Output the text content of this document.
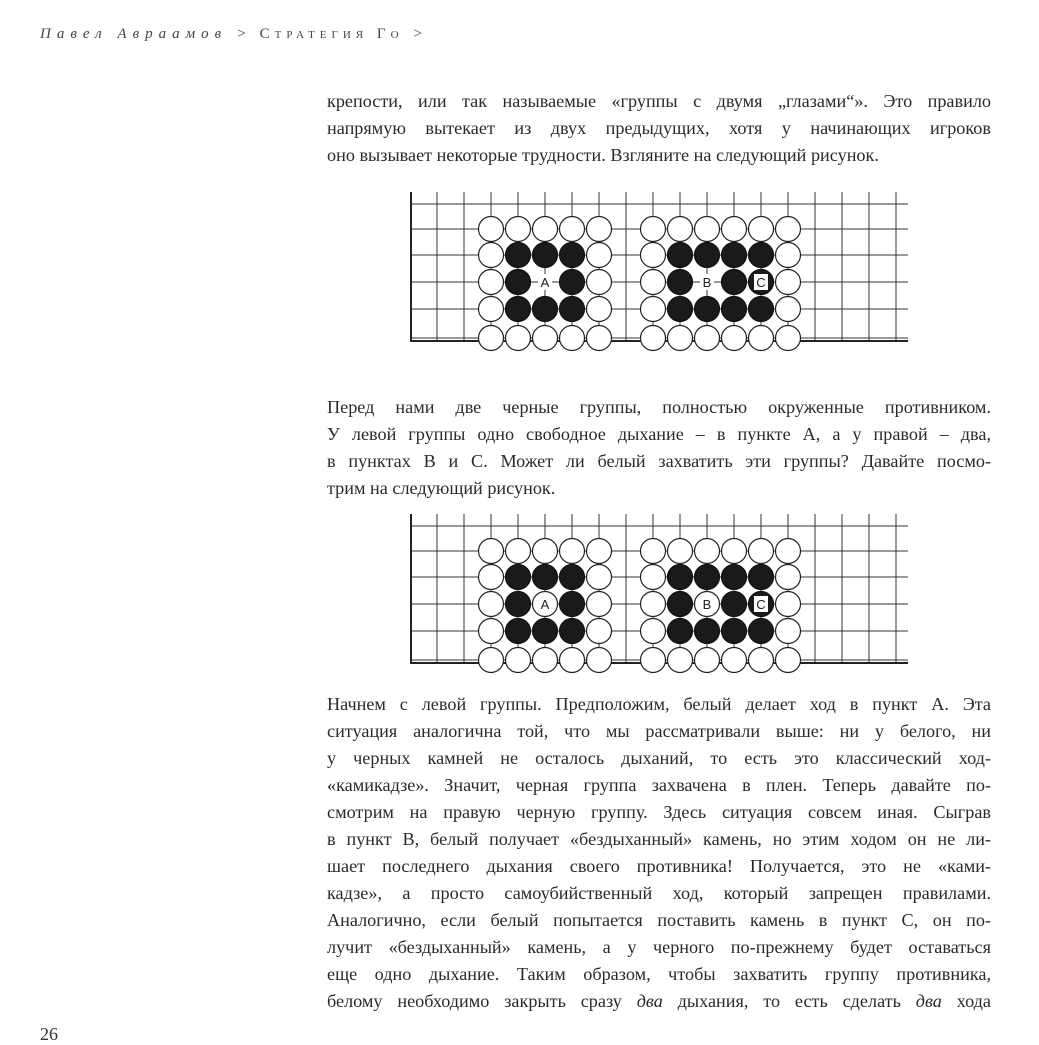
Павел Авраамов > Стратегия Го >
крепости, или так называемые «группы с двумя „глазами“». Это правило
напрямую вытекает из двух предыдущих, хотя у начинающих игроков
оно вызывает некоторые трудности. Взгляните на следующий рисунок.
А	В	С
Перед нами две черные группы, полностью окруженные противником.
У левой группы одно свободное дыхание – в пункте А, а у правой – два,
в пунктах В и С. Может ли белый захватить эти группы? Давайте посмо-
трим на следующий рисунок.
А	В	С
Начнем с левой группы. Предположим, белый делает ход в пункт А. Эта
ситуация аналогична той, что мы рассматривали выше: ни у белого, ни
у черных камней не осталось дыханий, то есть это классический ход-
«камикадзе». Значит, черная группа захвачена в плен. Теперь давайте по-
смотрим на правую черную группу. Здесь ситуация совсем иная. Сыграв
в пункт В, белый получает «бездыханный» камень, но этим ходом он не ли-
шает последнего дыхания своего противника! Получается, это не «ками-
кадзе», а просто самоубийственный ход, который запрещен правилами.
Аналогично, если белый попытается поставить камень в пункт С, он по-
лучит «бездыханный» камень, а у черного по-прежнему будет оставаться
еще одно дыхание. Таким образом, чтобы захватить группу противника,
белому необходимо закрыть сразу два дыхания, то есть сделать два хода
26
